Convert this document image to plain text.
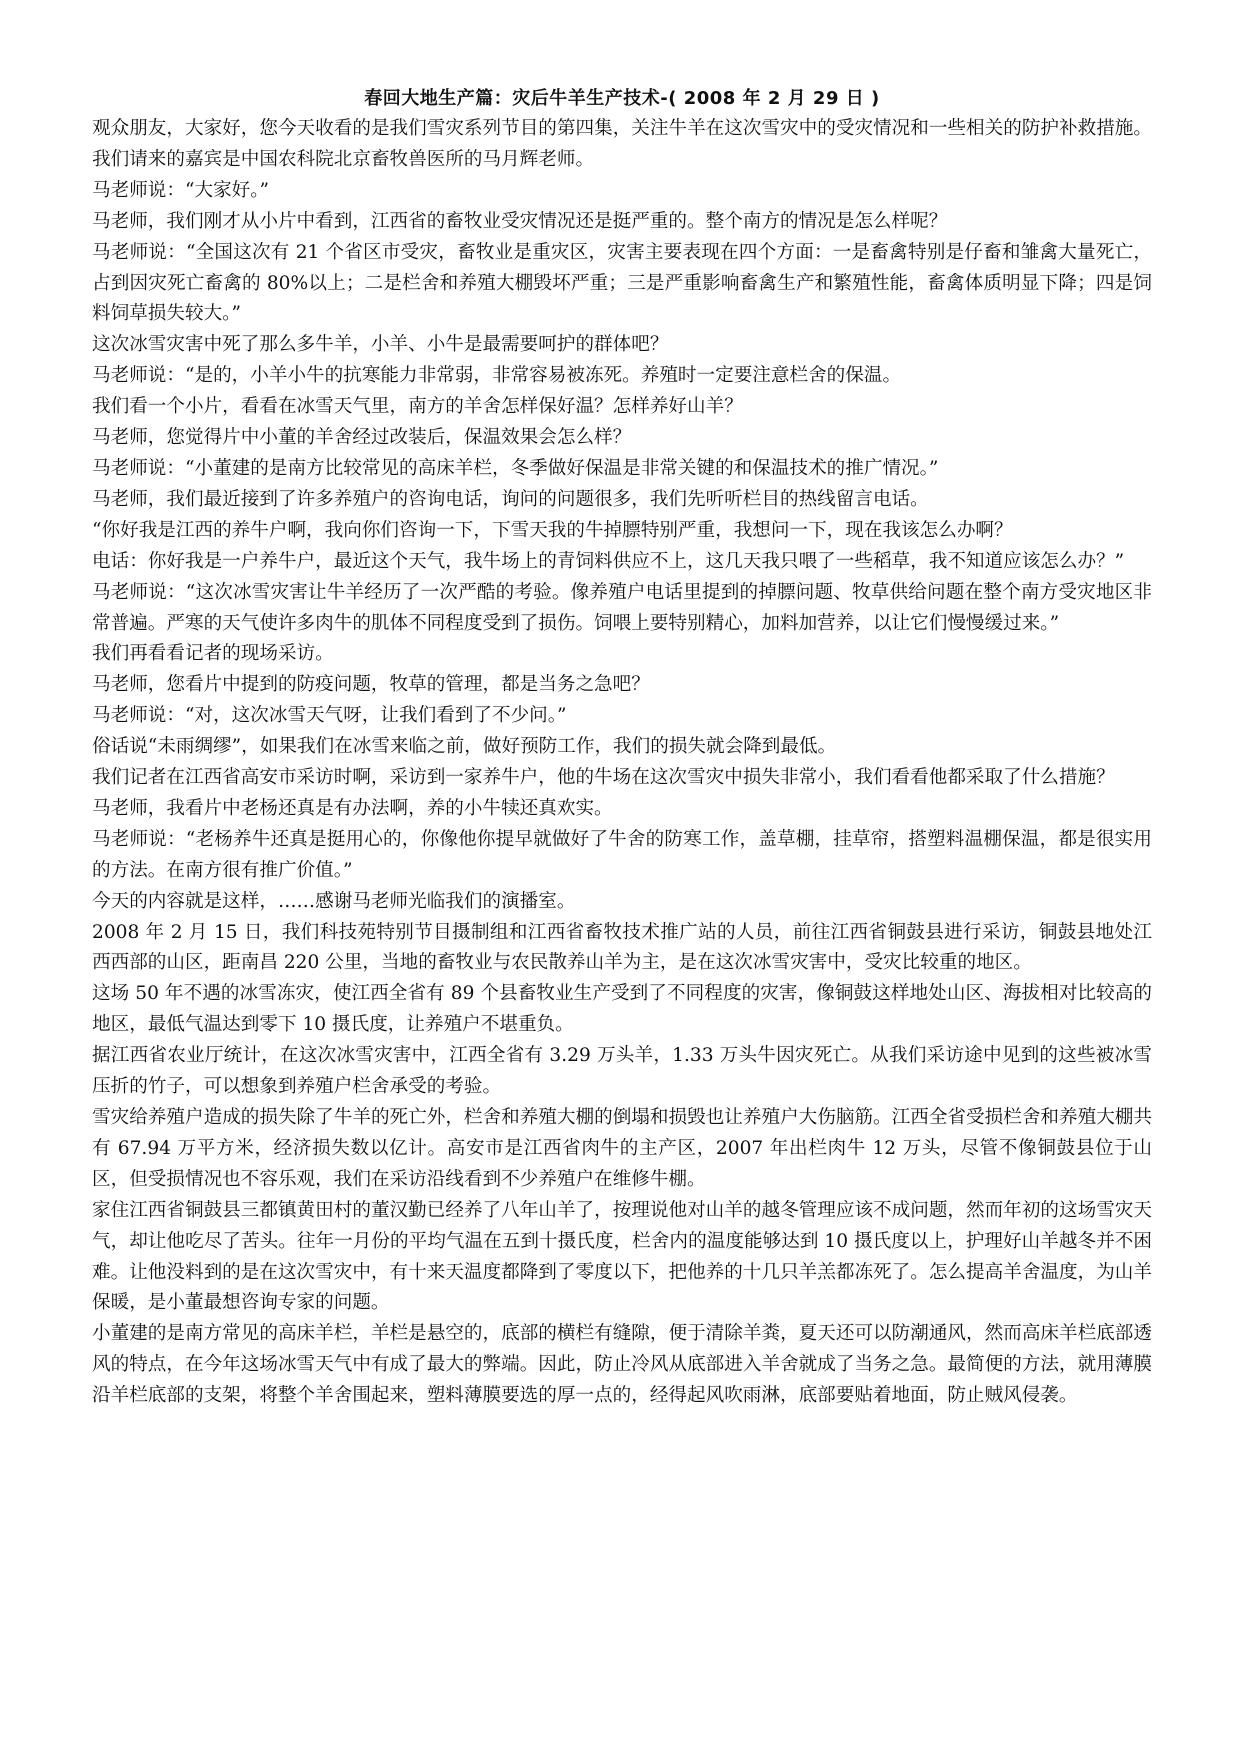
春回大地生产篇：灾后牛羊生产技术-( 2008 年 2 月 29 日 )

观众朋友，大家好，您今天收看的是我们雪灾系列节目的第四集，关注牛羊在这次雪灾中的受灾情况和一些相关的防护补救措施。我们请来的嘉宾是中国农科院北京畜牧兽医所的马月辉老师。

马老师说：“大家好。”

马老师，我们刚才从小片中看到，江西省的畜牧业受灾情况还是挺严重的。整个南方的情况是怎么样呢？

马老师说：“全国这次有 21 个省区市受灾，畜牧业是重灾区，灾害主要表现在四个方面：一是畜禽特别是仔畜和雏禽大量死亡，占到因灾死亡畜禽的 80%以上；二是栏舍和养殖大棚毁坏严重；三是严重影响畜禽生产和繁殖性能，畜禽体质明显下降；四是饲料饲草损失较大。”

这次冰雪灾害中死了那么多牛羊，小羊、小牛是最需要呵护的群体吧？

马老师说：“是的，小羊小牛的抗寒能力非常弱，非常容易被冻死。养殖时一定要注意栏舍的保温。

我们看一个小片，看看在冰雪天气里，南方的羊舍怎样保好温？怎样养好山羊？

马老师，您觉得片中小董的羊舍经过改装后，保温效果会怎么样？

马老师说：“小董建的是南方比较常见的高床羊栏，冬季做好保温是非常关键的和保温技术的推广情况。”

马老师，我们最近接到了许多养殖户的咨询电话，询问的问题很多，我们先听听栏目的热线留言电话。

“你好我是江西的养牛户啊，我向你们咨询一下，下雪天我的牛掉膘特别严重，我想问一下，现在我该怎么办啊？

电话：你好我是一户养牛户，最近这个天气，我牛场上的青饲料供应不上，这几天我只喂了一些稻草，我不知道应该怎么办？”

马老师说：“这次冰雪灾害让牛羊经历了一次严酷的考验。像养殖户电话里提到的掉膘问题、牧草供给问题在整个南方受灾地区非常普遍。严寒的天气使许多肉牛的肌体不同程度受到了损伤。饲喂上要特别精心，加料加营养，以让它们慢慢缓过来。”

我们再看看记者的现场采访。

马老师，您看片中提到的防疫问题，牧草的管理，都是当务之急吧？

马老师说：“对，这次冰雪天气呀，让我们看到了不少问。”

俗话说“未雨绸缪”，如果我们在冰雪来临之前，做好预防工作，我们的损失就会降到最低。

我们记者在江西省高安市采访时啊，采访到一家养牛户，他的牛场在这次雪灾中损失非常小，我们看看他都采取了什么措施？

马老师，我看片中老杨还真是有办法啊，养的小牛犊还真欢实。

马老师说：“老杨养牛还真是挺用心的，你像他你提早就做好了牛舍的防寒工作，盖草棚，挂草帘，搭塑料温棚保温，都是很实用的方法。在南方很有推广价值。”

今天的内容就是这样，……感谢马老师光临我们的演播室。

2008 年 2 月 15 日，我们科技苑特别节目摄制组和江西省畜牧技术推广站的人员，前往江西省铜鼓县进行采访，铜鼓县地处江西西部的山区，距南昌 220 公里，当地的畜牧业与农民散养山羊为主，是在这次冰雪灾害中，受灾比较重的地区。

这场 50 年不遇的冰雪冻灾，使江西全省有 89 个县畜牧业生产受到了不同程度的灾害，像铜鼓这样地处山区、海拔相对比较高的地区，最低气温达到零下 10 摄氏度，让养殖户不堪重负。

据江西省农业厅统计，在这次冰雪灾害中，江西全省有 3.29 万头羊，1.33 万头牛因灾死亡。从我们采访途中见到的这些被冰雪压折的竹子，可以想象到养殖户栏舍承受的考验。

雪灾给养殖户造成的损失除了牛羊的死亡外，栏舍和养殖大棚的倒塌和损毁也让养殖户大伤脑筋。江西全省受损栏舍和养殖大棚共有 67.94 万平方米，经济损失数以亿计。高安市是江西省肉牛的主产区，2007 年出栏肉牛 12 万头，尽管不像铜鼓县位于山区，但受损情况也不容乐观，我们在采访沿线看到不少养殖户在维修牛棚。

家住江西省铜鼓县三都镇黄田村的董汉勤已经养了八年山羊了，按理说他对山羊的越冬管理应该不成问题，然而年初的这场雪灾天气，却让他吃尽了苦头。往年一月份的平均气温在五到十摄氏度，栏舍内的温度能够达到 10 摄氏度以上，护理好山羊越冬并不困难。让他没料到的是在这次雪灾中，有十来天温度都降到了零度以下，把他养的十几只羊羔都冻死了。怎么提高羊舍温度，为山羊保暖，是小董最想咨询专家的问题。

小董建的是南方常见的高床羊栏，羊栏是悬空的，底部的横栏有缝隙，便于清除羊粪，夏天还可以防潮通风，然而高床羊栏底部透风的特点，在今年这场冰雪天气中有成了最大的弊端。因此，防止冷风从底部进入羊舍就成了当务之急。最简便的方法，就用薄膜沿羊栏底部的支架，将整个羊舍围起来，塑料薄膜要选的厚一点的，经得起风吹雨淋，底部要贴着地面，防止贼风侵袭。
